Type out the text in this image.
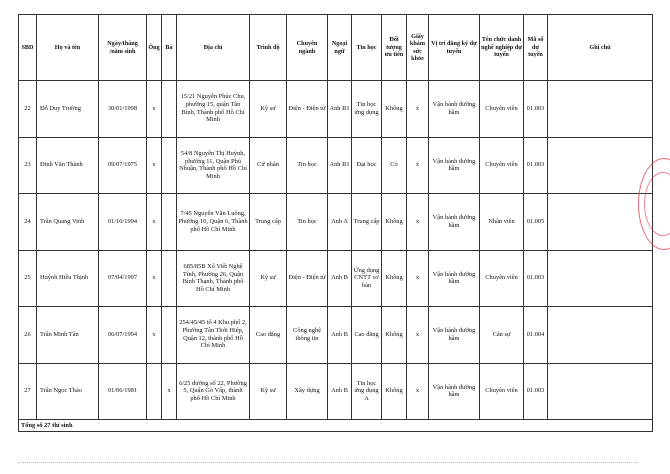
SBD	Họ và tên	Ngày/tháng /năm sinh	Ông	Bà	Địa chỉ	Trình độ	Chuyên ngành	Ngoại ngữ	Tin học	Đối tượng ưu tiên	Giấy khám sức khỏe	Vị trí đăng ký dự tuyển	Tên chức danh nghề nghiệp dự tuyển	Mã số dự tuyển	Ghi chú
22	Đỗ Duy Trường	30/01/1998	x		15/21 Nguyễn Phúc Chu, phường 15, quận Tân Bình, Thành phố Hồ Chí Minh	Kỹ sư	Điện - Điện tử	Anh B1	Tin học ứng dụng	Không	x	Vận hành đường hầm	Chuyên viên	01.003	
23	Đinh Văn Thành	09/07/1975	x		54/8 Nguyễn Thị Huỳnh, phường 11, Quận Phú Nhuận, Thành phố Hồ Chí Minh	Cử nhân	Tin học	Anh B1	Đại học	Có	x	Vận hành đường hầm	Chuyên viên	01.003	
24	Trần Quang Vinh	01/10/1994	x		7/45 Nguyễn Văn Luông, Phường 10, Quận 6, Thành phố Hồ Chí Minh	Trung cấp	Tin học	Anh A	Trung cấp	Không	x	Vận hành đường hầm	Nhân viên	01.005	
25	Huỳnh Hiếu Thịnh	07/04/1997	x		685/85B Xô Viết Nghệ Tĩnh, Phường 26, Quận Bình Thạnh, Thành phố Hồ Chí Minh	Kỹ sư	Điện - Điện tử	Anh B	Ứng dụng CNTT cơ bản	Không	x	Vận hành đường hầm	Chuyên viên	01.003	
26	Trần Minh Tân	06/07/1994	x		254/45/45 tổ 4 Khu phố 2, Phường Tân Thới Hiệp, Quận 12, thành phố Hồ Chí Minh	Cao đẳng	Công nghệ thông tin	Anh B	Cao đẳng	Không	x	Vận hành đường hầm	Cán sự	01.004	
27	Trần Ngọc Thảo	01/06/1981		x	6/25 đường số 22, Phường 5, Quận Gò Vấp, thành phố Hồ Chí Minh	Kỹ sư	Xây dựng	Anh B	Tin học ứng dụng A	Không	x	Vận hành đường hầm	Chuyên viên	01.003	
Tổng số 27 thí sinh															
